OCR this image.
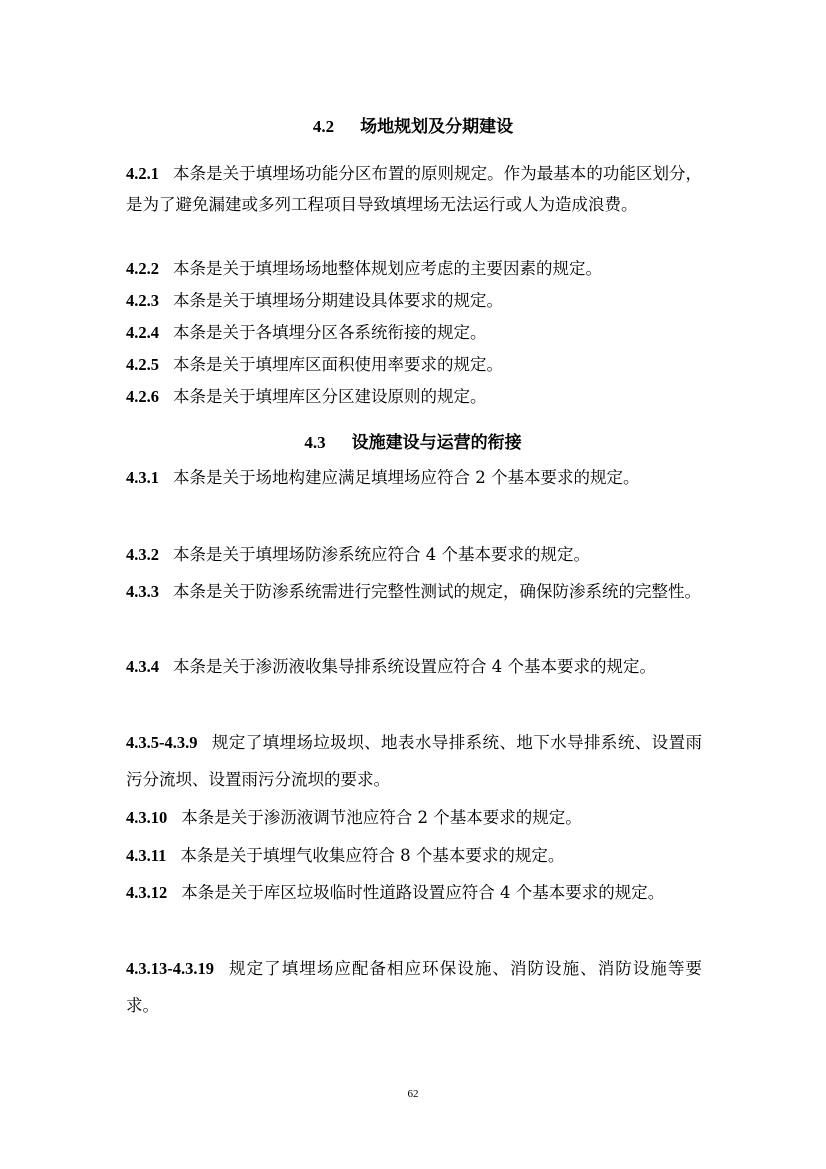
4.2 场地规划及分期建设
4.2.1 本条是关于填埋场功能分区布置的原则规定。作为最基本的功能区划分，是为了避免漏建或多列工程项目导致填埋场无法运行或人为造成浪费。
4.2.2 本条是关于填埋场场地整体规划应考虑的主要因素的规定。
4.2.3 本条是关于填埋场分期建设具体要求的规定。
4.2.4 本条是关于各填埋分区各系统衔接的规定。
4.2.5 本条是关于填埋库区面积使用率要求的规定。
4.2.6 本条是关于填埋库区分区建设原则的规定。
4.3 设施建设与运营的衔接
4.3.1 本条是关于场地构建应满足填埋场应符合 2 个基本要求的规定。
4.3.2 本条是关于填埋场防渗系统应符合 4 个基本要求的规定。
4.3.3 本条是关于防渗系统需进行完整性测试的规定，确保防渗系统的完整性。
4.3.4 本条是关于渗沥液收集导排系统设置应符合 4 个基本要求的规定。
4.3.5-4.3.9 规定了填埋场垃圾坝、地表水导排系统、地下水导排系统、设置雨污分流坝、设置雨污分流坝的要求。
4.3.10 本条是关于渗沥液调节池应符合 2 个基本要求的规定。
4.3.11 本条是关于填埋气收集应符合 8 个基本要求的规定。
4.3.12 本条是关于库区垃圾临时性道路设置应符合 4 个基本要求的规定。
4.3.13-4.3.19 规定了填埋场应配备相应环保设施、消防设施、消防设施等要求。
62
